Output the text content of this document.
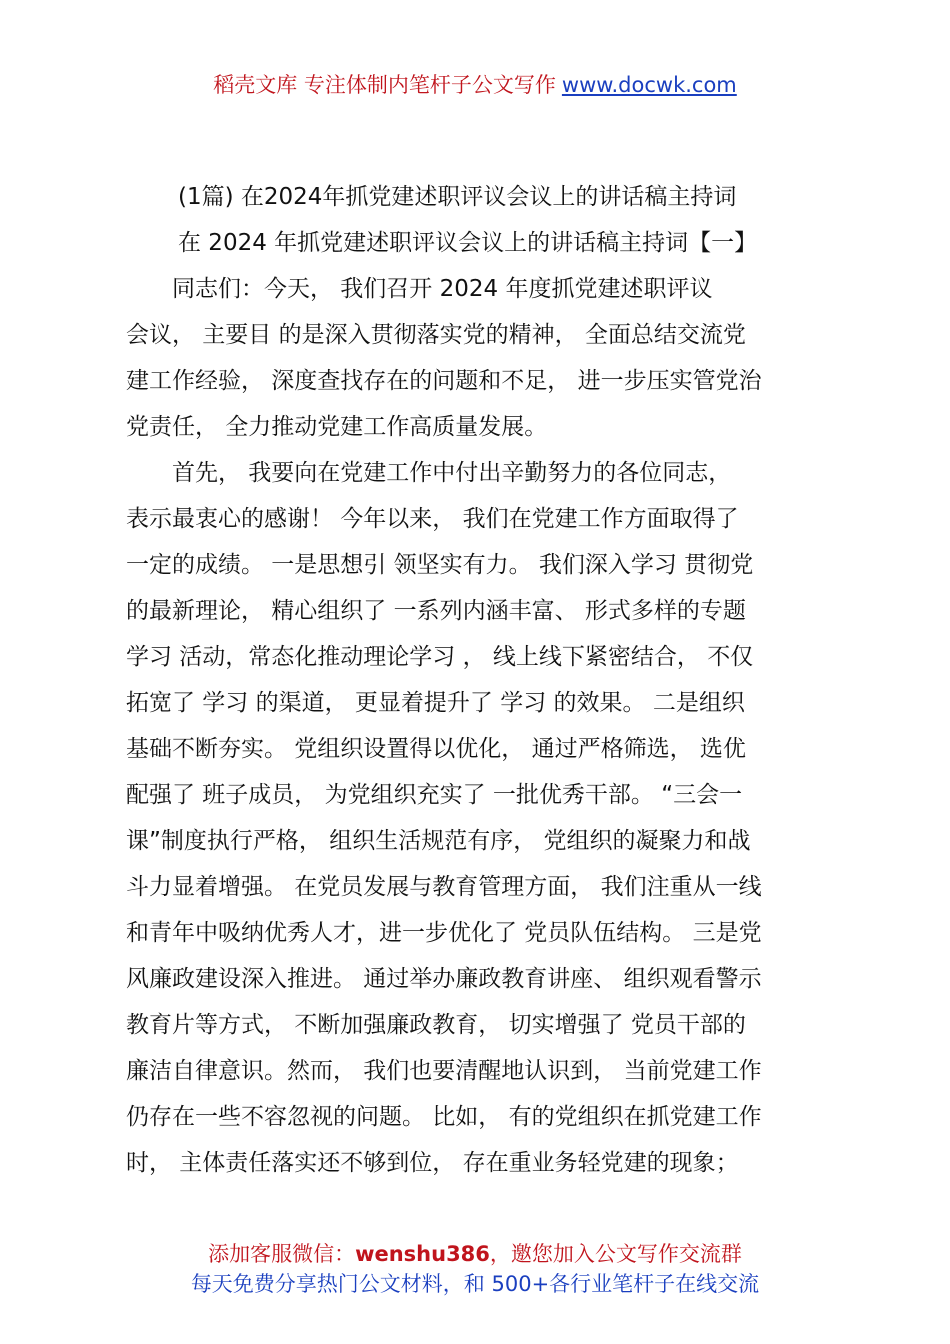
稻壳文库 专注体制内笔杆子公文写作 www.docwk.com
(1篇) 在2024年抓党建述职评议会议上的讲话稿主持词
在 2024 年抓党建述职评议会议上的讲话稿主持词【一】

　　同志们：今天， 我们召开 2024 年度抓党建述职评议
会议， 主要目 的是深入贯彻落实党的精神， 全面总结交流党
建工作经验， 深度查找存在的问题和不足， 进一步压实管党治
党责任， 全力推动党建工作高质量发展。

　　首先， 我要向在党建工作中付出辛勤努力的各位同志，
表示最衷心的感谢！ 今年以来， 我们在党建工作方面取得了
一定的成绩。 一是思想引 领坚实有力。 我们深入学习 贯彻党
的最新理论， 精心组织了 一系列内涵丰富、 形式多样的专题
学习 活动，常态化推动理论学习 ， 线上线下紧密结合， 不仅
拓宽了 学习 的渠道， 更显着提升了 学习 的效果。 二是组织
基础不断夯实。 党组织设置得以优化， 通过严格筛选， 选优
配强了 班子成员， 为党组织充实了 一批优秀干部。 “三会一
课”制度执行严格， 组织生活规范有序， 党组织的凝聚力和战
斗力显着增强。 在党员发展与教育管理方面， 我们注重从一线
和青年中吸纳优秀人才，进一步优化了 党员队伍结构。 三是党
风廉政建设深入推进。 通过举办廉政教育讲座、 组织观看警示
教育片等方式， 不断加强廉政教育， 切实增强了 党员干部的
廉洁自律意识。然而， 我们也要清醒地认识到， 当前党建工作
仍存在一些不容忽视的问题。 比如， 有的党组织在抓党建工作
时， 主体责任落实还不够到位， 存在重业务轻党建的现象；

添加客服微信：wenshu386，邀您加入公文写作交流群
每天免费分享热门公文材料，和 500+各行业笔杆子在线交流
